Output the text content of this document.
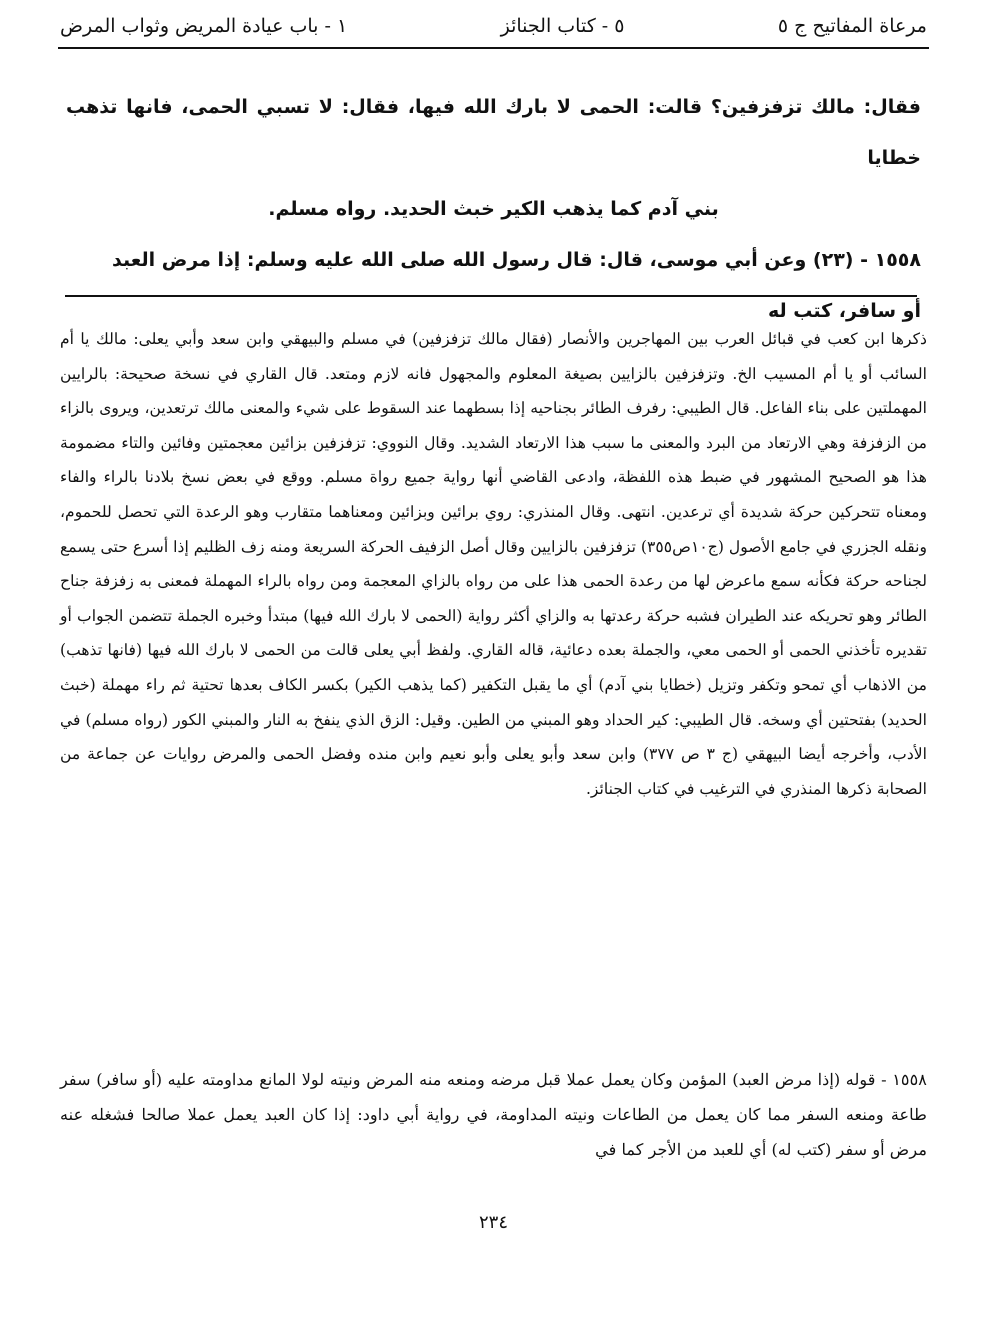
مرعاة المفاتيح ج ٥
٥ - كتاب الجنائز
١ - باب عيادة المريض وثواب المرض

فقال: مالك تزفزفين؟ قالت: الحمى لا بارك الله فيها، فقال: لا تسبي الحمى، فانها تذهب خطايا

بني آدم كما يذهب الكير خبث الحديد. رواه مسلم.

١٥٥٨ - (٢٣) وعن أبي موسى، قال: قال رسول الله صلى الله عليه وسلم: إذا مرض العبد

أو سافر، كتب له

ذكرها ابن كعب في قبائل العرب بين المهاجرين والأنصار (فقال مالك تزفزفين) في مسلم والبيهقي وابن سعد وأبي يعلى: مالك يا أم السائب أو يا أم المسيب الخ. وتزفزفين بالزايين بصيغة المعلوم والمجهول فانه لازم ومتعد. قال القاري في نسخة صحيحة: بالرايين المهملتين على بناء الفاعل. قال الطيبي: رفرف الطائر بجناحيه إذا بسطهما عند السقوط على شيء والمعنى مالك ترتعدين، ويروى بالزاء من الزفزفة وهي الارتعاد من البرد والمعنى ما سبب هذا الارتعاد الشديد. وقال النووي: تزفزفين بزائين معجمتين وفائين والتاء مضمومة هذا هو الصحيح المشهور في ضبط هذه اللفظة، وادعى القاضي أنها رواية جميع رواة مسلم. ووقع في بعض نسخ بلادنا بالراء والفاء ومعناه تتحركين حركة شديدة أي ترعدين. انتهى. وقال المنذري: روي برائين وبزائين ومعناهما متقارب وهو الرعدة التي تحصل للحموم، ونقله الجزري في جامع الأصول (ج١٠ص٣٥٥) تزفزفين بالزايين وقال أصل الزفيف الحركة السريعة ومنه زف الظليم إذا أسرع حتى يسمع لجناحه حركة فكأنه سمع ماعرض لها من رعدة الحمى هذا على من رواه بالزاي المعجمة ومن رواه بالراء المهملة فمعنى به زفزفة جناح الطائر وهو تحريكه عند الطيران فشبه حركة رعدتها به والزاي أكثر رواية (الحمى لا بارك الله فيها) مبتدأ وخبره الجملة تتضمن الجواب أو تقديره تأخذني الحمى أو الحمى معي، والجملة بعده دعائية، قاله القاري. ولفظ أبي يعلى قالت من الحمى لا بارك الله فيها (فانها تذهب) من الاذهاب أي تمحو وتكفر وتزيل (خطايا بني آدم) أي ما يقبل التكفير (كما يذهب الكير) بكسر الكاف بعدها تحتية ثم راء مهملة (خبث الحديد) بفتحتين أي وسخه. قال الطيبي: كير الحداد وهو المبني من الطين. وقيل: الزق الذي ينفخ به النار والمبني الكور (رواه مسلم) في الأدب، وأخرجه أيضا البيهقي (ج ٣ ص ٣٧٧) وابن سعد وأبو يعلى وأبو نعيم وابن منده وفضل الحمى والمرض روايات عن جماعة من الصحابة ذكرها المنذري في الترغيب في كتاب الجنائز.

١٥٥٨ - قوله (إذا مرض العبد) المؤمن وكان يعمل عملا قبل مرضه ومنعه منه المرض ونيته لولا المانع مداومته عليه (أو سافر) سفر طاعة ومنعه السفر مما كان يعمل من الطاعات ونيته المداومة، في رواية أبي داود: إذا كان العبد يعمل عملا صالحا فشغله عنه مرض أو سفر (كتب له) أي للعبد من الأجر كما في

٢٣٤
